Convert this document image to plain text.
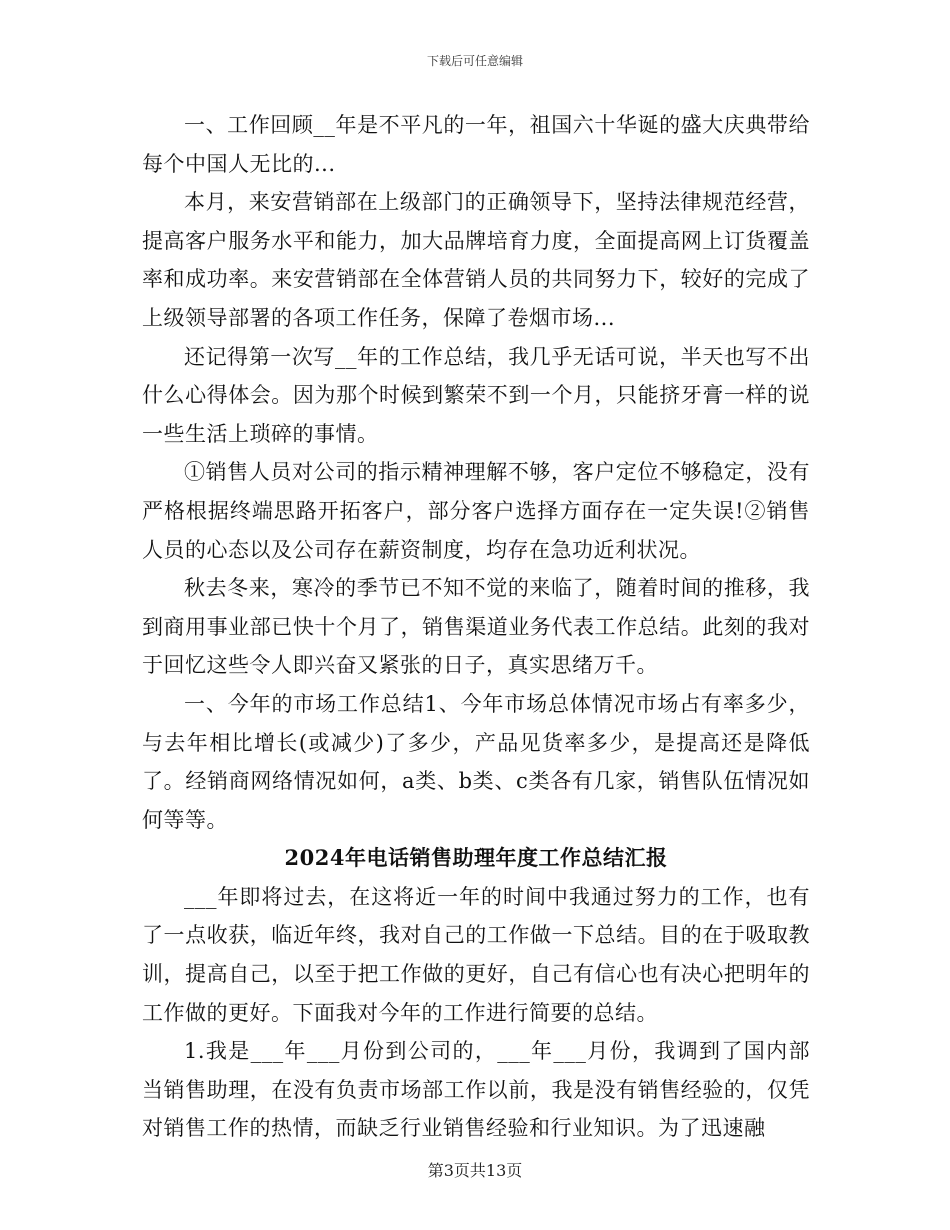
下载后可任意编辑

一、工作回顾__年是不平凡的一年，祖国六十华诞的盛大庆典带给每个中国人无比的...

本月，来安营销部在上级部门的正确领导下，坚持法律规范经营，提高客户服务水平和能力，加大品牌培育力度，全面提高网上订货覆盖率和成功率。来安营销部在全体营销人员的共同努力下，较好的完成了上级领导部署的各项工作任务，保障了卷烟市场...

还记得第一次写__年的工作总结，我几乎无话可说，半天也写不出什么心得体会。因为那个时候到繁荣不到一个月，只能挤牙膏一样的说一些生活上琐碎的事情。

①销售人员对公司的指示精神理解不够，客户定位不够稳定，没有严格根据终端思路开拓客户，部分客户选择方面存在一定失误!②销售人员的心态以及公司存在薪资制度，均存在急功近利状况。

秋去冬来，寒冷的季节已不知不觉的来临了，随着时间的推移，我到商用事业部已快十个月了，销售渠道业务代表工作总结。此刻的我对于回忆这些令人即兴奋又紧张的日子，真实思绪万千。

一、今年的市场工作总结1、今年市场总体情况市场占有率多少，与去年相比增长(或减少)了多少，产品见货率多少，是提高还是降低了。经销商网络情况如何，a类、b类、c类各有几家，销售队伍情况如何等等。

2024年电话销售助理年度工作总结汇报

___年即将过去，在这将近一年的时间中我通过努力的工作，也有了一点收获，临近年终，我对自己的工作做一下总结。目的在于吸取教训，提高自己，以至于把工作做的更好，自己有信心也有决心把明年的工作做的更好。下面我对今年的工作进行简要的总结。

1.我是___年___月份到公司的，___年___月份，我调到了国内部当销售助理，在没有负责市场部工作以前，我是没有销售经验的，仅凭对销售工作的热情，而缺乏行业销售经验和行业知识。为了迅速融

第3页共13页
